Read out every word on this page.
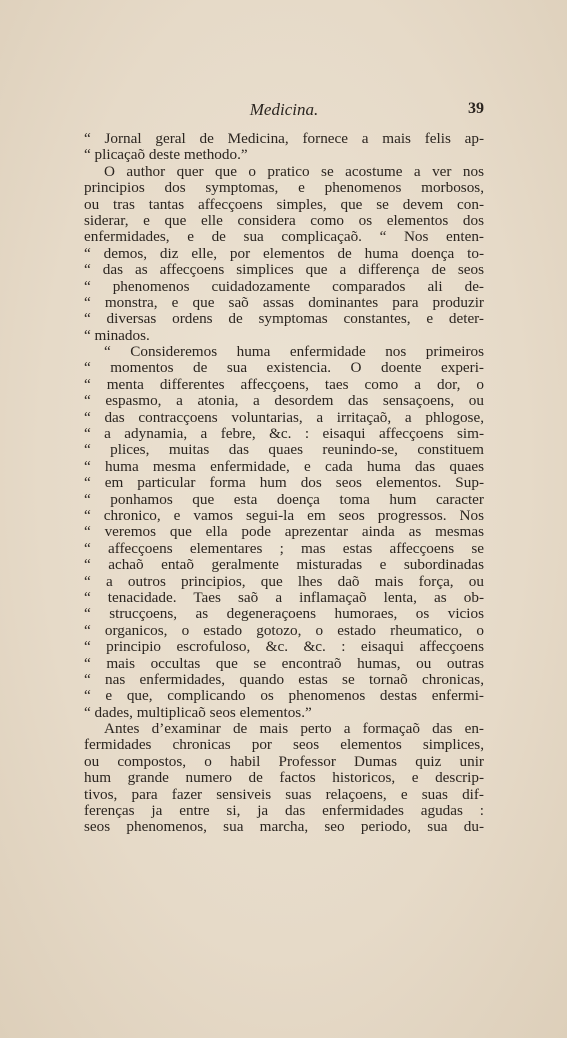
Medicina.	39
“ Jornal geral de Medicina, fornece a mais felis ap-
“ plicaçaõ deste methodo.”
O author quer que o pratico se acostume a ver nos
principios dos symptomas, e phenomenos morbosos,
ou tras tantas affecçoens simples, que se devem con-
siderar, e que elle considera como os elementos dos
enfermidades, e de sua complicaçaõ. “ Nos enten-
“ demos, diz elle, por elementos de huma doença to-
“ das as affecçoens simplices que a differença de seos
“ phenomenos cuidadozamente comparados ali de-
“ monstra, e que saõ assas dominantes para produzir
“ diversas ordens de symptomas constantes, e deter-
“ minados.
“ Consideremos huma enfermidade nos primeiros
“ momentos de sua existencia. O doente experi-
“ menta differentes affecçoens, taes como a dor, o
“ espasmo, a atonia, a desordem das sensaçoens, ou
“ das contracçoens voluntarias, a irritaçaõ, a phlogose,
“ a adynamia, a febre, &c. : eisaqui affecçoens sim-
“ plices, muitas das quaes reunindo-se, constituem
“ huma mesma enfermidade, e cada huma das quaes
“ em particular forma hum dos seos elementos. Sup-
“ ponhamos que esta doença toma hum caracter
“ chronico, e vamos segui-la em seos progressos. Nos
“ veremos que ella pode aprezentar ainda as mesmas
“ affecçoens elementares ; mas estas affecçoens se
“ achaõ entaõ geralmente misturadas e subordinadas
“ a outros principios, que lhes daõ mais força, ou
“ tenacidade. Taes saõ a inflamaçaõ lenta, as ob-
“ strucçoens, as degeneraçoens humoraes, os vicios
“ organicos, o estado gotozo, o estado rheumatico, o
“ principio escrofuloso, &c. &c. : eisaqui affecçoens
“ mais occultas que se encontraõ humas, ou outras
“ nas enfermidades, quando estas se tornaõ chronicas,
“ e que, complicando os phenomenos destas enfermi-
“ dades, multiplicaõ seos elementos.”
Antes d’examinar de mais perto a formaçaõ das en-
fermidades chronicas por seos elementos simplices,
ou compostos, o habil Professor Dumas quiz unir
hum grande numero de factos historicos, e descrip-
tivos, para fazer sensiveis suas relaçoens, e suas dif-
ferenças ja entre si, ja das enfermidades agudas :
seos phenomenos, sua marcha, seo periodo, sua du-
